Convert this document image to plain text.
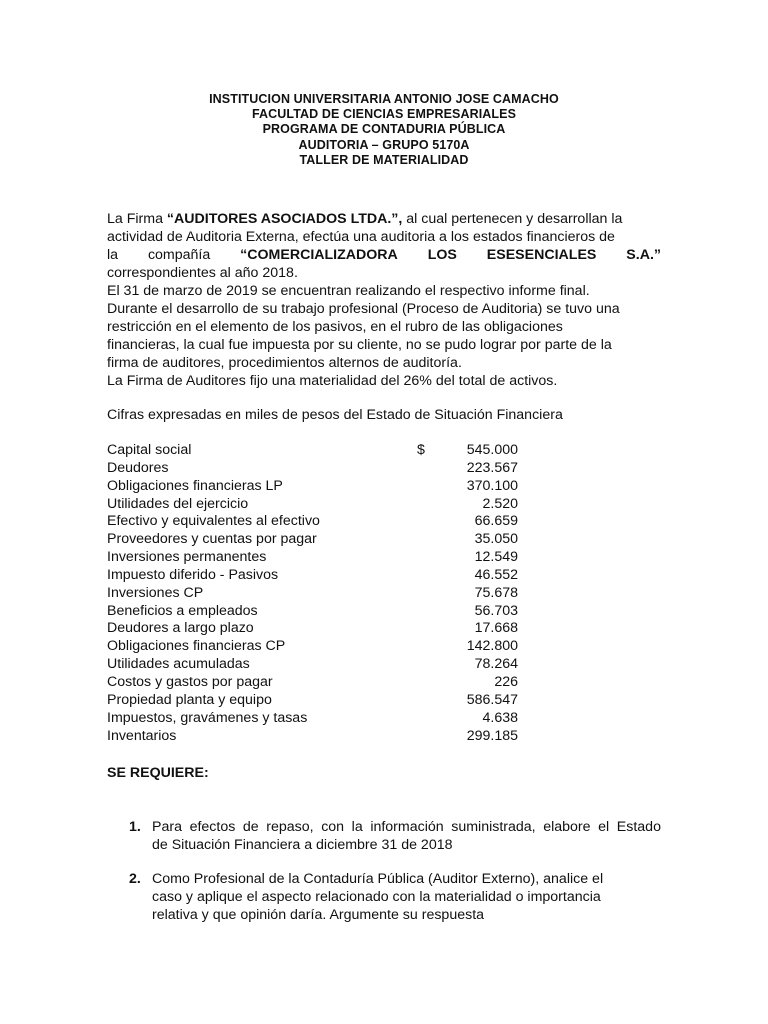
INSTITUCION UNIVERSITARIA ANTONIO JOSE CAMACHO
FACULTAD DE CIENCIAS EMPRESARIALES
PROGRAMA DE CONTADURIA PÚBLICA
AUDITORIA – GRUPO 5170A
TALLER DE MATERIALIDAD
La Firma “AUDITORES ASOCIADOS LTDA.”, al cual pertenecen y desarrollan la
actividad de Auditoria Externa, efectúa una auditoria a los estados financieros de
la compañía “COMERCIALIZADORA LOS ESESENCIALES S.A.”
correspondientes al año 2018.
El 31 de marzo de 2019 se encuentran realizando el respectivo informe final.
Durante el desarrollo de su trabajo profesional (Proceso de Auditoria) se tuvo una
restricción en el elemento de los pasivos, en el rubro de las obligaciones
financieras, la cual fue impuesta por su cliente, no se pudo lograr por parte de la
firma de auditores, procedimientos alternos de auditoría.
La Firma de Auditores fijo una materialidad del 26% del total de activos.
Cifras expresadas en miles de pesos del Estado de Situación Financiera
Capital social	$	545.000
Deudores	223.567
Obligaciones financieras LP	370.100
Utilidades del ejercicio	2.520
Efectivo y equivalentes al efectivo	66.659
Proveedores y cuentas por pagar	35.050
Inversiones permanentes	12.549
Impuesto diferido - Pasivos	46.552
Inversiones CP	75.678
Beneficios a empleados	56.703
Deudores a largo plazo	17.668
Obligaciones financieras CP	142.800
Utilidades acumuladas	78.264
Costos y gastos por pagar	226
Propiedad planta y equipo	586.547
Impuestos, gravámenes y tasas	4.638
Inventarios	299.185
SE REQUIERE:
1. Para efectos de repaso, con la información suministrada, elabore el Estado
de Situación Financiera a diciembre 31 de 2018
2. Como Profesional de la Contaduría Pública (Auditor Externo), analice el
caso y aplique el aspecto relacionado con la materialidad o importancia
relativa y que opinión daría. Argumente su respuesta
